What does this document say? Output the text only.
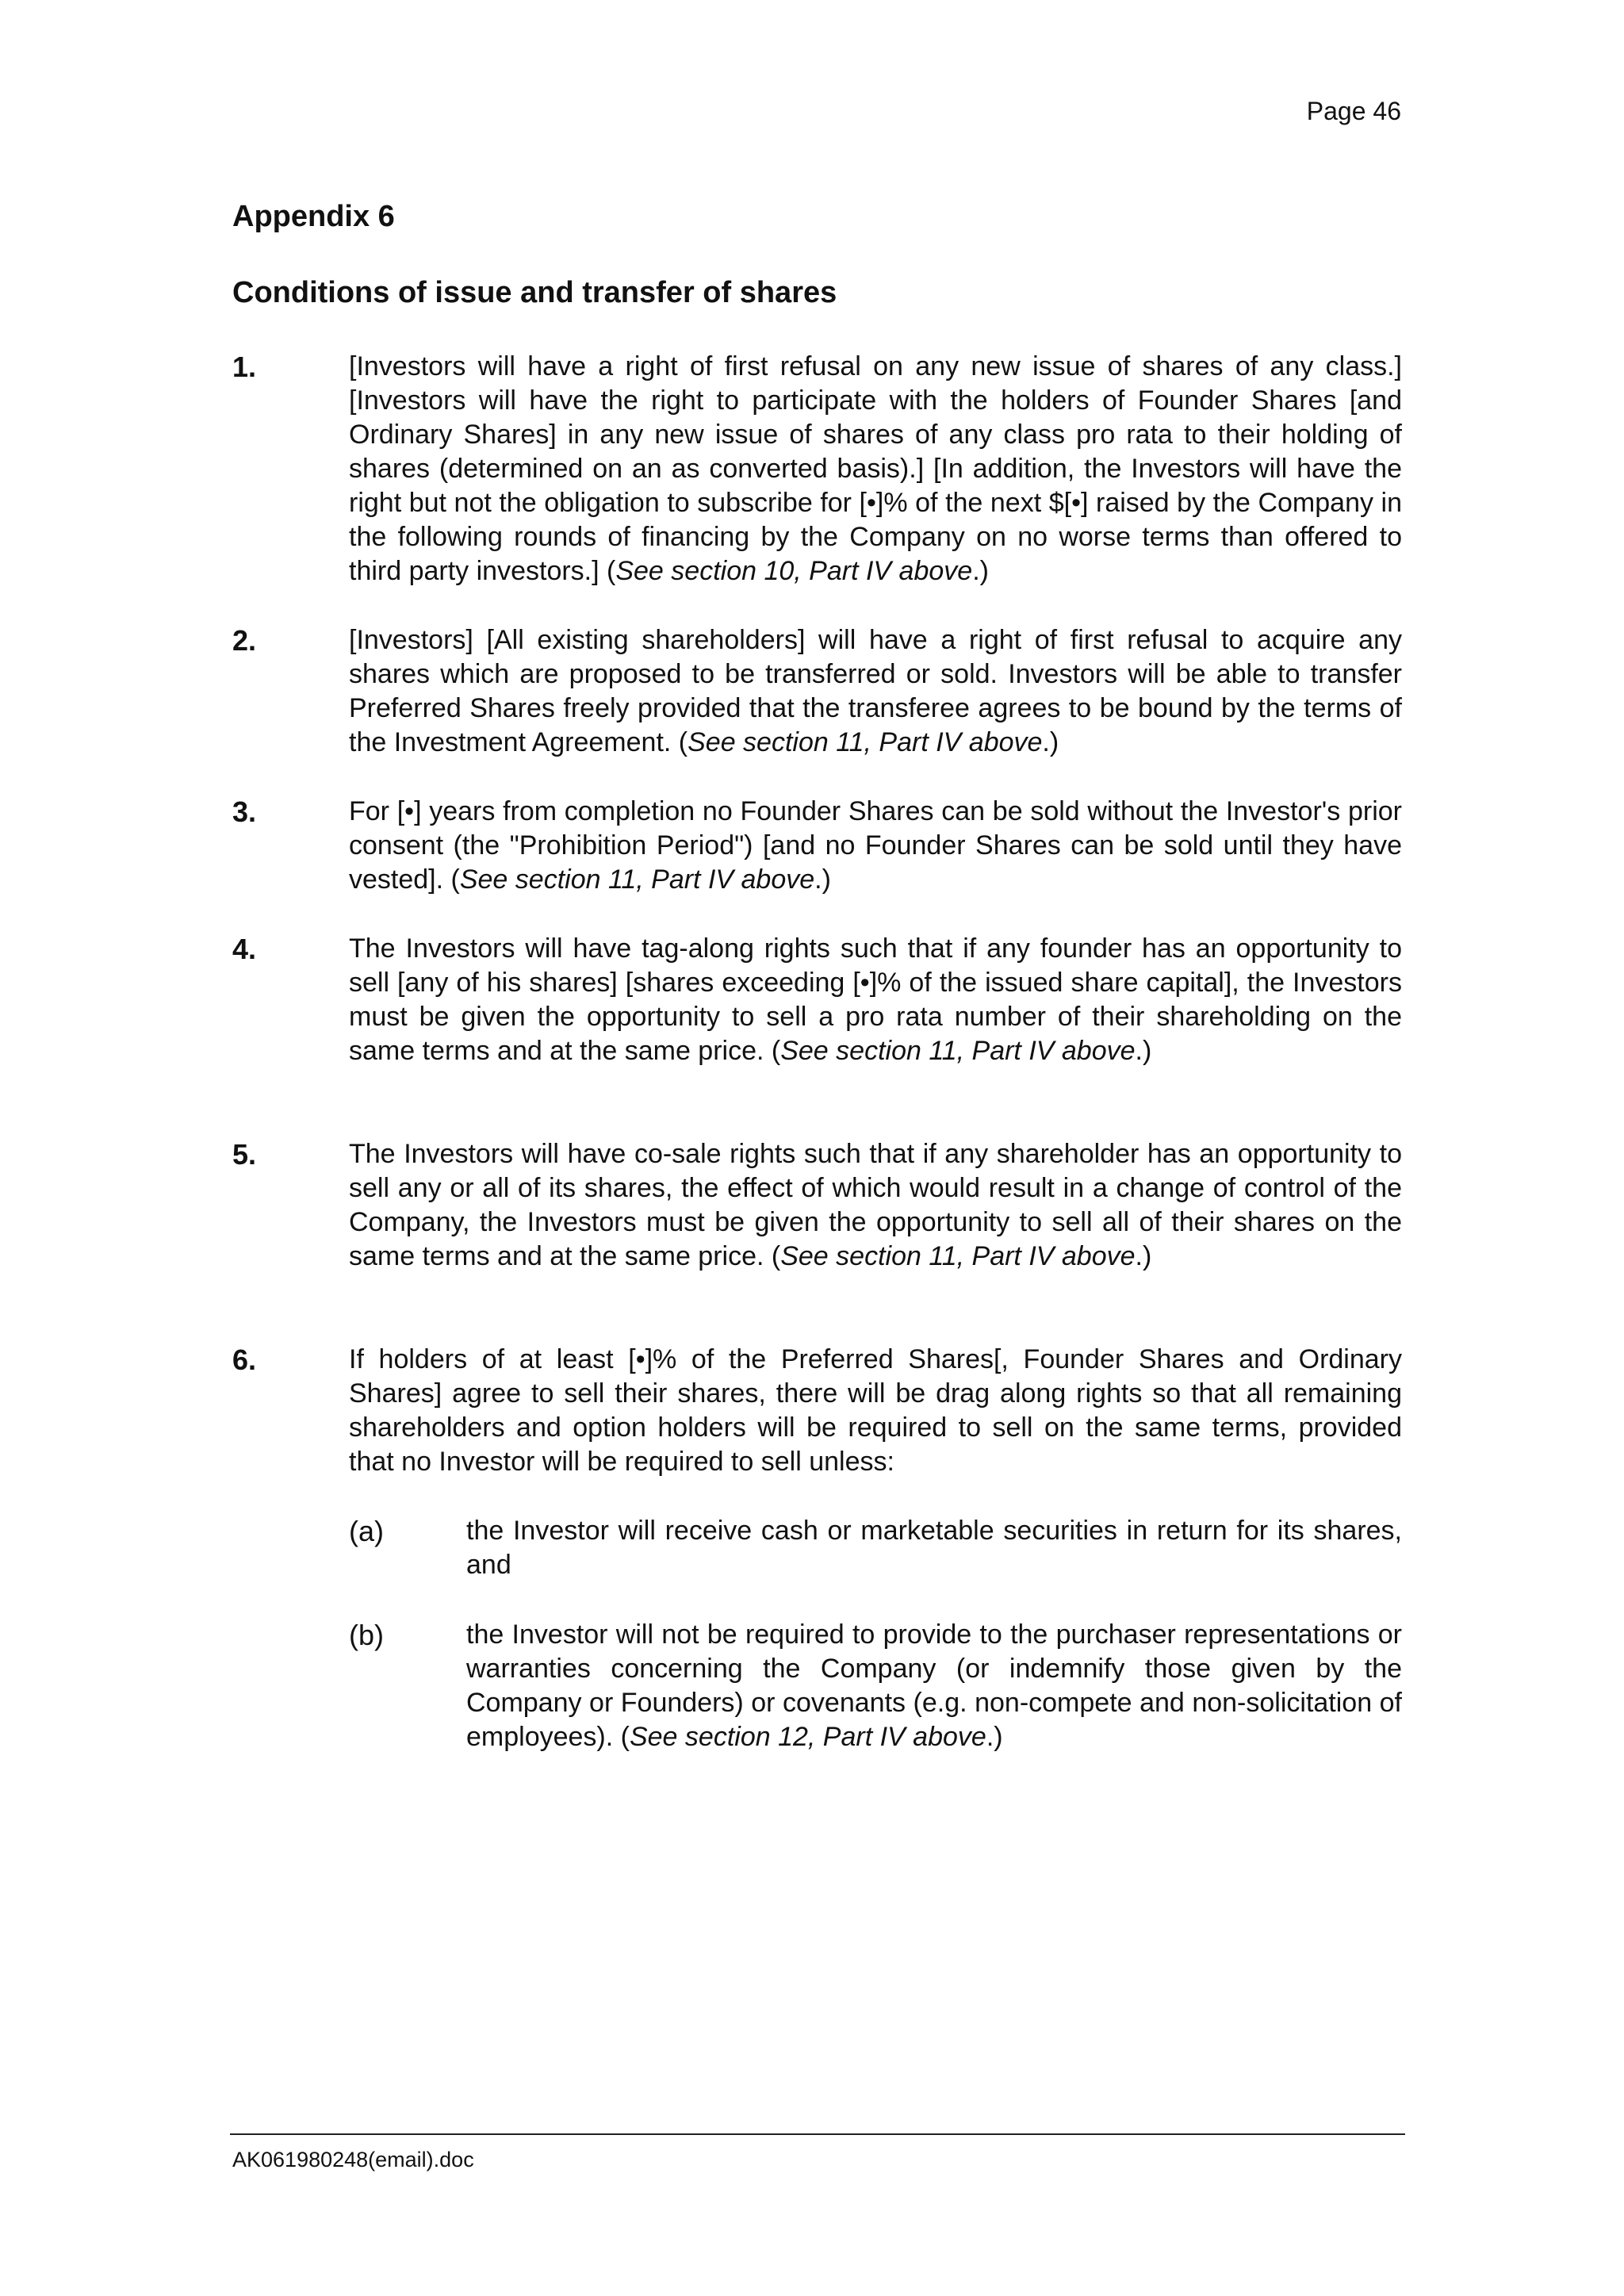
Page 46
Appendix 6
Conditions of issue and transfer of shares
1.	[Investors will have a right of first refusal on any new issue of shares of any class.] [Investors will have the right to participate with the holders of Founder Shares [and Ordinary Shares] in any new issue of shares of any class pro rata to their holding of shares (determined on an as converted basis).] [In addition, the Investors will have the right but not the obligation to subscribe for [•]% of the next $[•] raised by the Company in the following rounds of financing by the Company on no worse terms than offered to third party investors.] (See section 10, Part IV above.)
2.	[Investors] [All existing shareholders] will have a right of first refusal to acquire any shares which are proposed to be transferred or sold. Investors will be able to transfer Preferred Shares freely provided that the transferee agrees to be bound by the terms of the Investment Agreement. (See section 11, Part IV above.)
3.	For [•] years from completion no Founder Shares can be sold without the Investor's prior consent (the "Prohibition Period") [and no Founder Shares can be sold until they have vested]. (See section 11, Part IV above.)
4.	The Investors will have tag-along rights such that if any founder has an opportunity to sell [any of his shares] [shares exceeding [•]% of the issued share capital], the Investors must be given the opportunity to sell a pro rata number of their shareholding on the same terms and at the same price. (See section 11, Part IV above.)
5.	The Investors will have co-sale rights such that if any shareholder has an opportunity to sell any or all of its shares, the effect of which would result in a change of control of the Company, the Investors must be given the opportunity to sell all of their shares on the same terms and at the same price. (See section 11, Part IV above.)
6.	If holders of at least [•]% of the Preferred Shares[, Founder Shares and Ordinary Shares] agree to sell their shares, there will be drag along rights so that all remaining shareholders and option holders will be required to sell on the same terms, provided that no Investor will be required to sell unless:
(a)	the Investor will receive cash or marketable securities in return for its shares, and
(b)	the Investor will not be required to provide to the purchaser representations or warranties concerning the Company (or indemnify those given by the Company or Founders) or covenants (e.g. non-compete and non-solicitation of employees). (See section 12, Part IV above.)
AK061980248(email).doc
